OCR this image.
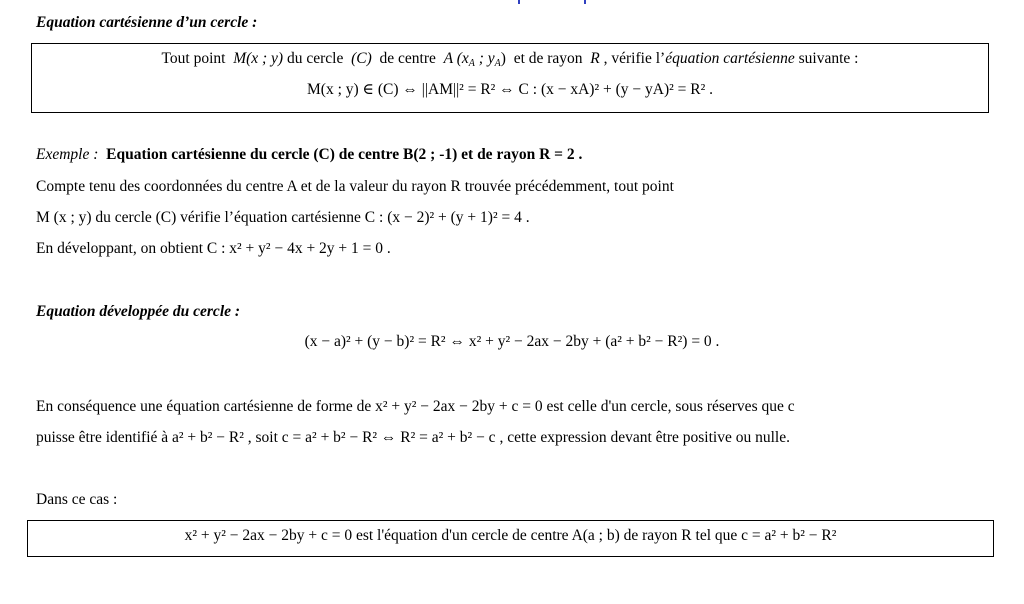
Equation cartésienne d’un cercle :
Tout point M(x ; y) du cercle (C) de centre A ($x_A$ ; $y_A$) et de rayon R , vérifie l’équation cartésienne suivante :
M(x ; y) ∈ (C) ⇔ ||AM||² = R² ⇔ C : (x − xA)² + (y − yA)² = R² .
Exemple : Equation cartésienne du cercle (C) de centre B(2 ; -1) et de rayon R = 2 .
Compte tenu des coordonnées du centre A et de la valeur du rayon R trouvée précédemment, tout point
M (x ; y) du cercle (C) vérifie l’équation cartésienne C : (x − 2)² + (y + 1)² = 4 .
En développant, on obtient C : x² + y² − 4x + 2y + 1 = 0 .
Equation développée du cercle :
(x − a)² + (y − b)² = R² ⇔ x² + y² − 2ax − 2by + (a² + b² − R²) = 0 .
En conséquence une équation cartésienne de forme de x² + y² − 2ax − 2by + c = 0 est celle d'un cercle, sous réserves que c
puisse être identifié à a² + b² − R² , soit c = a² + b² − R² ⇔ R² = a² + b² − c , cette expression devant être positive ou nulle.
Dans ce cas :
x² + y² − 2ax − 2by + c = 0 est l'équation d'un cercle de centre A(a ; b) de rayon R tel que c = a² + b² − R²
